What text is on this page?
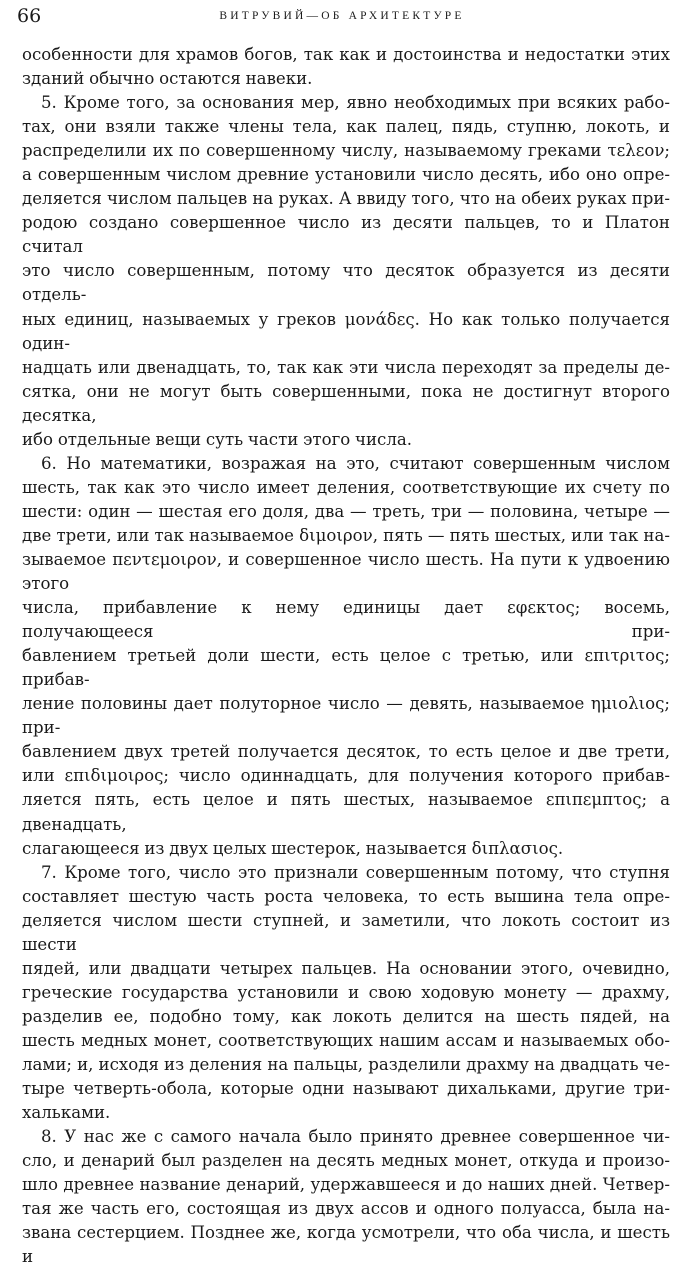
66	ВИТРУВИЙ—ОБ АРХИТЕКТУРЕ

особенности для храмов богов, так как и достоинства и недостатки этих

зданий обычно остаются навеки.

5. Кроме того, за основания мер, явно необходимых при всяких рабо-

тах, они взяли также члены тела, как палец, пядь, ступню, локоть, и

распределили их по совершенному числу, называемому греками τελεον;

а совершенным числом древние установили число десять, ибо оно опре-

деляется числом пальцев на руках. А ввиду того, что на обеих руках при-

родою создано совершенное число из десяти пальцев, то и Платон считал

это число совершенным, потому что десяток образуется из десяти отдель-

ных единиц, называемых у греков μονάδες. Но как только получается один-

надцать или двенадцать, то, так как эти числа переходят за пределы де-

сятка, они не могут быть совершенными, пока не достигнут второго десятка,

ибо отдельные вещи суть части этого числа.

6. Но математики, возражая на это, считают совершенным числом

шесть, так как это число имеет деления, соответствующие их счету по

шести: один — шестая его доля, два — треть, три — половина, четыре —

две трети, или так называемое διμοιρον, пять — пять шестых, или так на-

зываемое πεντεμοιρον, и совершенное число шесть. На пути к удвоению этого

числа, прибавление к нему единицы дает εφεκτος; восемь, получающееся при-

бавлением третьей доли шести, есть целое с третью, или επιτριτος; прибав-

ление половины дает полуторное число — девять, называемое ημιολιος; при-

бавлением двух третей получается десяток, то есть целое и две трети,

или επιδιμοιρος; число одиннадцать, для получения которого прибав-

ляется пять, есть целое и пять шестых, называемое επιπεμπτος; а двенадцать,

слагающееся из двух целых шестерок, называется διπλασιος.

7. Кроме того, число это признали совершенным потому, что ступня

составляет шестую часть роста человека, то есть вышина тела опре-

деляется числом шести ступней, и заметили, что локоть состоит из шести

пядей, или двадцати четырех пальцев. На основании этого, очевидно,

греческие государства установили и свою ходовую монету — драхму,

разделив ее, подобно тому, как локоть делится на шесть пядей, на

шесть медных монет, соответствующих нашим ассам и называемых обо-

лами; и, исходя из деления на пальцы, разделили драхму на двадцать че-

тыре четверть-обола, которые одни называют дихальками, другие три-

хальками.

8. У нас же с самого начала было принято древнее совершенное чи-

сло, и денарий был разделен на десять медных монет, откуда и произо-

шло древнее название денарий, удержавшееся и до наших дней. Четвер-

тая же часть его, состоящая из двух ассов и одного полуасса, была на-

звана сестерцием. Позднее же, когда усмотрели, что оба числа, и шесть и
